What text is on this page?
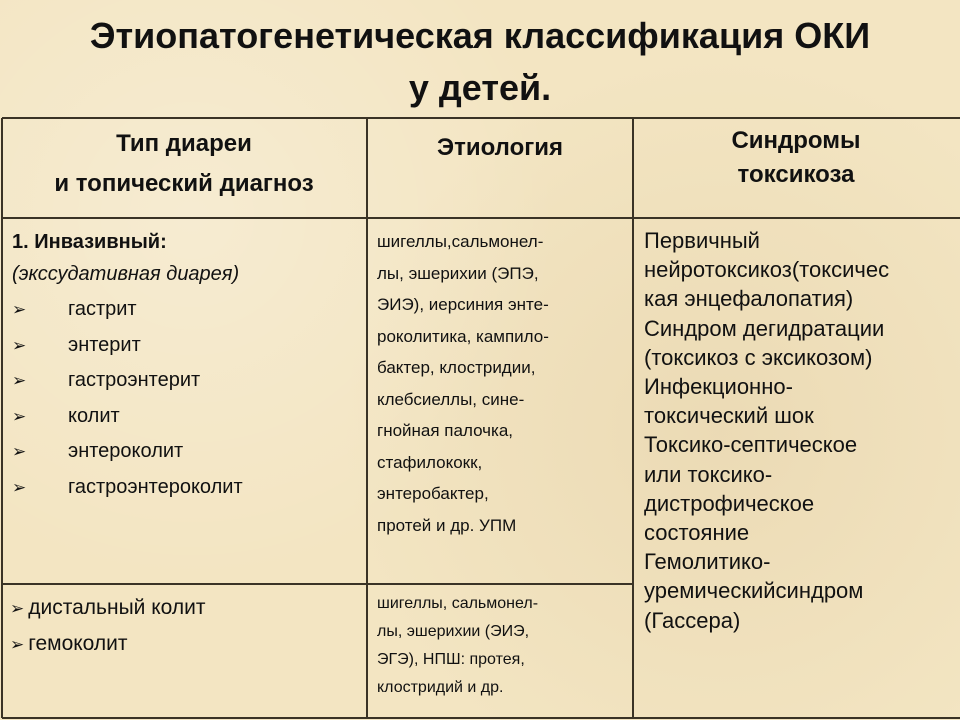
Этиопатогенетическая классификация ОКИ
у детей.
Тип диареи
и топический диагноз
Этиология	Синдромы
токсикоза
1. Инвазивный:
(экссудативная диарея)
➢ гастрит
➢ энтерит
➢ гастроэнтерит
➢ колит
➢ энтероколит
➢ гастроэнтероколит
шигеллы,сальмонел-
лы, эшерихии (ЭПЭ,
ЭИЭ), иерсиния энте-
роколитика, кампило-
бактер, клостридии,
клебсиеллы, сине-
гнойная палочка,
стафилококк,
энтеробактер,
протей и др. УПМ
Первичный
нейротоксикоз(токсичес
кая энцефалопатия)
Синдром дегидратации
(токсикоз с эксикозом)
Инфекционно-
токсический шок
Токсико-септическое
или токсико-
дистрофическое
состояние
Гемолитико-
уремическийсиндром
(Гассера)
➢ дистальный колит
➢ гемоколит
шигеллы, сальмонел-
лы, эшерихии (ЭИЭ,
ЭГЭ), НПШ: протея,
клостридий и др.
